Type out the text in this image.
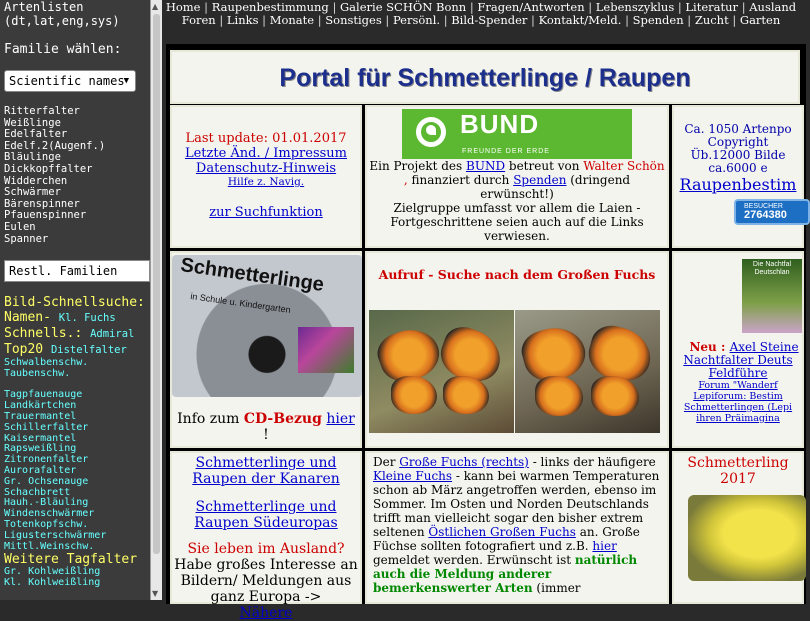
Artenlisten
(dt,lat,eng,sys)
Familie wählen:
Scientific names
▼
Ritterfalter
Weißlinge
Edelfalter
Edelf.2(Augenf.)
Bläulinge
Dickkopffalter
Widderchen
Schwärmer
Bärenspinner
Pfauenspinner
Eulen
Spanner
Restl. Familien
Bild-Schnellsuche:
Namen- Kl. Fuchs
Schnells.: Admiral
Top20 Distelfalter
Schwalbenschw.
Taubenschw.

Tagpfauenauge
Landkärtchen
Trauermantel
Schillerfalter
Kaisermantel
Rapsweißling
Zitronenfalter
Aurorafalter
Gr. Ochsenauge
Schachbrett
Hauh.-Bläuling
Windenschwärmer
Totenkopfschw.
Ligusterschwärmer
Mittl.Weinschw.
Weitere Tagfalter
Gr. Kohlweißling
Kl. Kohlweißling
▲
▼
Home | Raupenbestimmung | Galerie SCHÖN Bonn | Fragen/Antworten | Lebenszyklus | Literatur | Ausland
Foren | Links | Monate | Sonstiges | Persönl. | Bild-Spender | Kontakt/Meld. | Spenden | Zucht | Garten
Portal für Schmetterlinge / Raupen
Last update: 01.01.2017
Letzte Änd. / Impressum
Datenschutz-Hinweis
Hilfe z. Navig.
zur Suchfunktion
BUND
FREUNDE DER ERDE
Ein Projekt des BUND betreut von Walter Schön , finanziert durch Spenden (dringend erwünscht!)
Zielgruppe umfasst vor allem die Laien - Fortgeschrittene seien auch auf die Links verwiesen.
Ca. 1050 Artenpo
Copyright
Üb.12000 Bilde
ca.6000 e
Raupenbestim
BESUCHER
2764380
Schmetterlinge
in Schule u. Kindergarten
Info zum CD-Bezug hier
!
Aufruf - Suche nach dem Großen Fuchs
Die Nachtfal Deutschlan
Neu : Axel Steine
Nachtfalter Deuts
Feldführe
Forum "Wanderf
Lepiforum: Bestim
Schmetterlingen (Lepi
ihren Präimagina
Schmetterlinge und Raupen der Kanaren
Schmetterlinge und Raupen Südeuropas
Sie leben im Ausland?
Habe großes Interesse an Bildern/ Meldungen aus ganz Europa ->
Nähere
Der Große Fuchs (rechts) - links der häufigere Kleine Fuchs - kann bei warmen Temperaturen schon ab März angetroffen werden, ebenso im Sommer. Im Osten und Norden Deutschlands trifft man vielleicht sogar den bisher extrem seltenen Östlichen Großen Fuchs an. Große Füchse sollten fotografiert und z.B. hier gemeldet werden. Erwünscht ist natürlich auch die Meldung anderer bemerkenswerter Arten (immer
Schmetterling
2017
